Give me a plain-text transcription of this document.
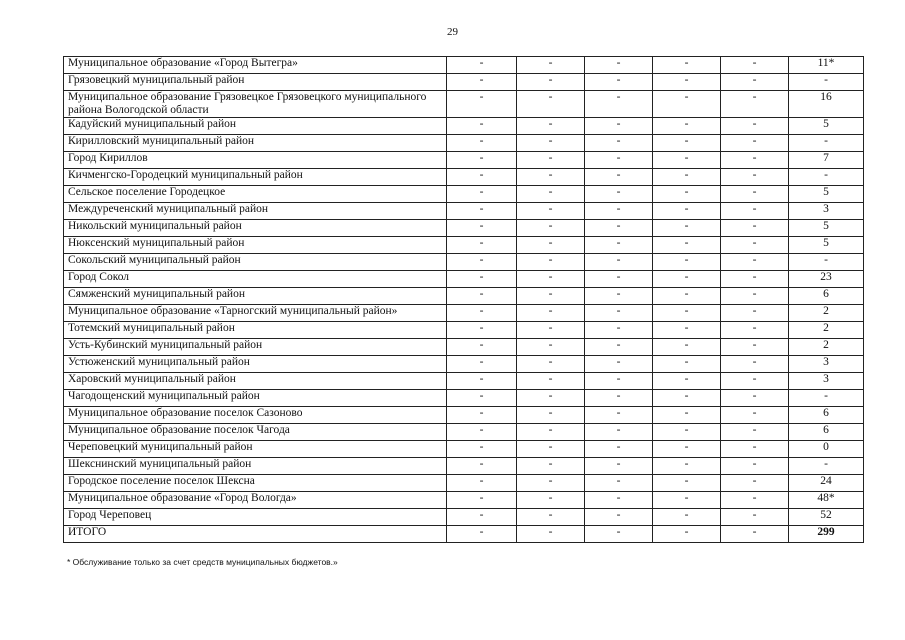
29
Муниципальное образование «Город Вытегра»	-	-	-	-	-	11*
Грязовецкий муниципальный район	-	-	-	-	-	-
Муниципальное образование Грязовецкое Грязовецкого муниципального района Вологодской области	-	-	-	-	-	16
Кадуйский муниципальный район	-	-	-	-	-	5
Кирилловский муниципальный район	-	-	-	-	-	-
Город Кириллов	-	-	-	-	-	7
Кичменгско-Городецкий муниципальный район	-	-	-	-	-	-
Сельское поселение Городецкое	-	-	-	-	-	5
Междуреченский муниципальный район	-	-	-	-	-	3
Никольский муниципальный район	-	-	-	-	-	5
Нюксенский муниципальный район	-	-	-	-	-	5
Сокольский муниципальный район	-	-	-	-	-	-
Город Сокол	-	-	-	-	-	23
Сямженский муниципальный район	-	-	-	-	-	6
Муниципальное образование «Тарногский муниципальный район»	-	-	-	-	-	2
Тотемский муниципальный район	-	-	-	-	-	2
Усть-Кубинский муниципальный район	-	-	-	-	-	2
Устюженский муниципальный район	-	-	-	-	-	3
Харовский муниципальный район	-	-	-	-	-	3
Чагодощенский муниципальный район	-	-	-	-	-	-
Муниципальное образование поселок Сазоново	-	-	-	-	-	6
Муниципальное образование поселок Чагода	-	-	-	-	-	6
Череповецкий муниципальный район	-	-	-	-	-	0
Шекснинский муниципальный район	-	-	-	-	-	-
Городское поселение поселок Шексна	-	-	-	-	-	24
Муниципальное образование «Город Вологда»	-	-	-	-	-	48*
Город Череповец	-	-	-	-	-	52
ИТОГО	-	-	-	-	-	299
* Обслуживание только за счет средств муниципальных бюджетов.»
